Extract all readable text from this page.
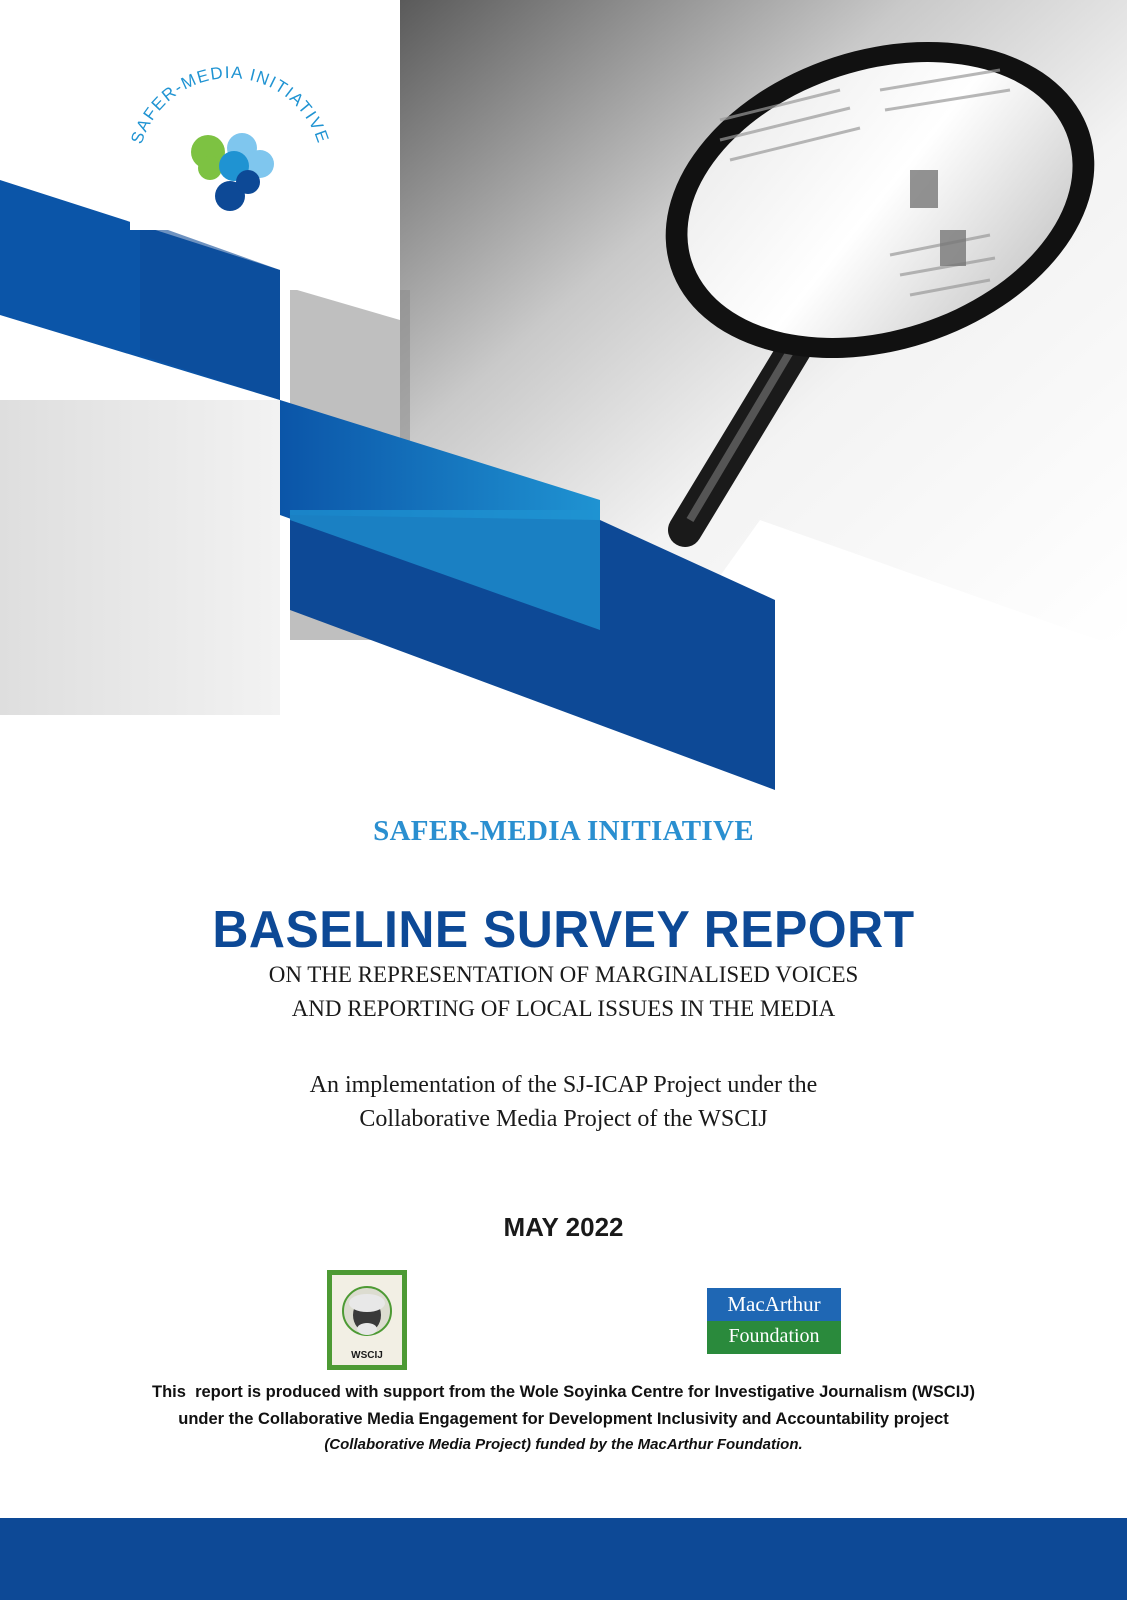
SAFER-MEDIA INITIATIVE
SAFER-MEDIA INITIATIVE
BASELINE SURVEY REPORT

ON THE REPRESENTATION OF MARGINALISED VOICES

AND REPORTING OF LOCAL ISSUES IN THE MEDIA

An implementation of the SJ-ICAP Project under the

Collaborative Media Project of the WSCIJ

MAY 2022

WSCIJ
MacArthur
Foundation

This  report is produced with support from the Wole Soyinka Centre for Investigative Journalism (WSCIJ)

under the Collaborative Media Engagement for Development Inclusivity and Accountability project

(Collaborative Media Project) funded by the MacArthur Foundation.
